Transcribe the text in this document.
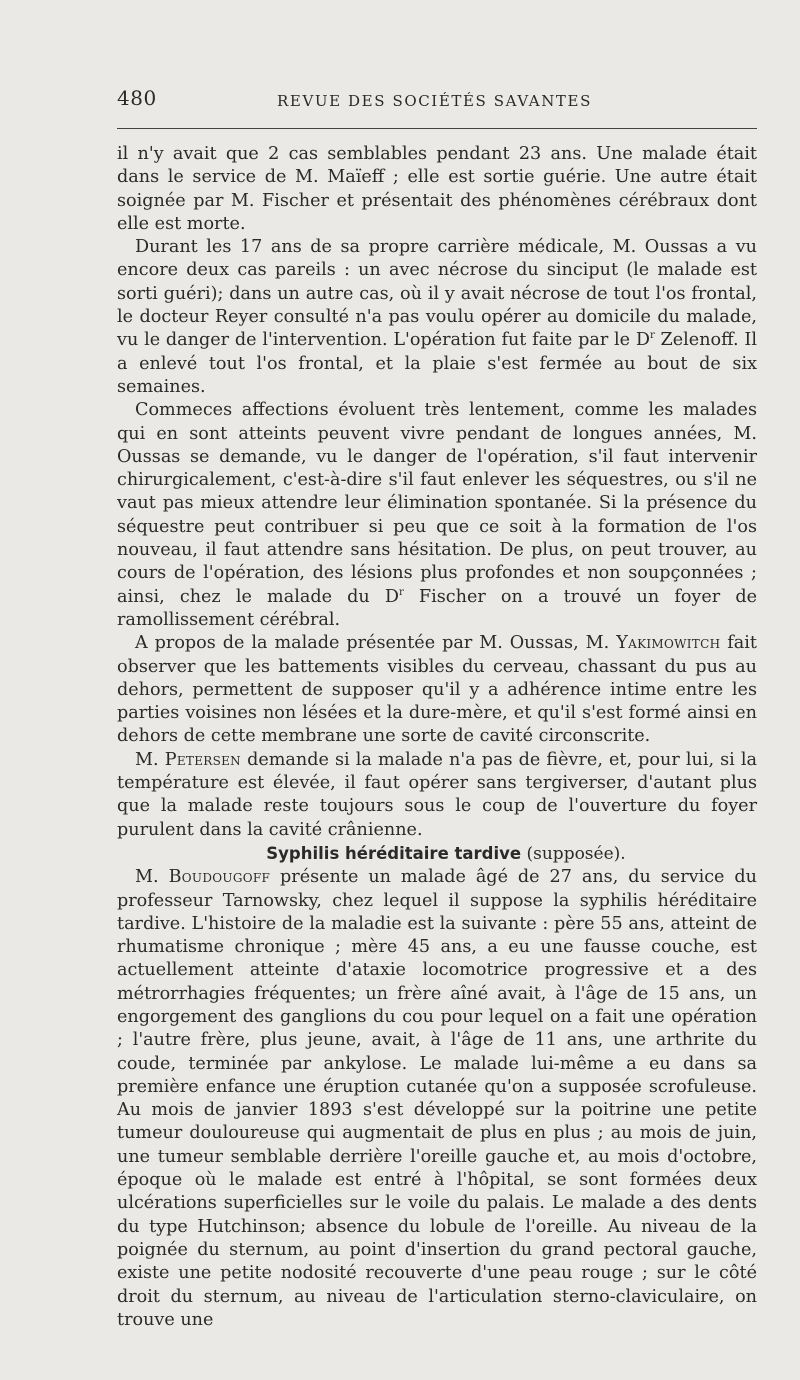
480	REVUE DES SOCIÉTÉS SAVANTES

il n'y avait que 2 cas semblables pendant 23 ans. Une malade était dans le service de M. Maïeff ; elle est sortie guérie. Une autre était soignée par M. Fischer et présentait des phénomènes cérébraux dont elle est morte.

Durant les 17 ans de sa propre carrière médicale, M. Oussas a vu encore deux cas pareils : un avec nécrose du sinciput (le malade est sorti guéri); dans un autre cas, où il y avait nécrose de tout l'os frontal, le docteur Reyer consulté n'a pas voulu opérer au domicile du malade, vu le danger de l'intervention. L'opération fut faite par le $D^r$ Zelenoff. Il a enlevé tout l'os frontal, et la plaie s'est fermée au bout de six semaines.

Commeces affections évoluent très lentement, comme les malades qui en sont atteints peuvent vivre pendant de longues années, M. Oussas se demande, vu le danger de l'opération, s'il faut intervenir chirurgicalement, c'est-à-dire s'il faut enlever les séquestres, ou s'il ne vaut pas mieux attendre leur élimination spontanée. Si la présence du séquestre peut contribuer si peu que ce soit à la formation de l'os nouveau, il faut attendre sans hésitation. De plus, on peut trouver, au cours de l'opération, des lésions plus profondes et non soupçonnées ; ainsi, chez le malade du $D^r$ Fischer on a trouvé un foyer de ramollissement cérébral.

A propos de la malade présentée par M. Oussas, M. Yakimowitch fait observer que les battements visibles du cerveau, chassant du pus au dehors, permettent de supposer qu'il y a adhérence intime entre les parties voisines non lésées et la dure-mère, et qu'il s'est formé ainsi en dehors de cette membrane une sorte de cavité circonscrite.

M. Petersen demande si la malade n'a pas de fièvre, et, pour lui, si la température est élevée, il faut opérer sans tergiverser, d'autant plus que la malade reste toujours sous le coup de l'ouverture du foyer purulent dans la cavité crânienne.

Syphilis héréditaire tardive (supposée).

M. Boudougoff présente un malade âgé de 27 ans, du service du professeur Tarnowsky, chez lequel il suppose la syphilis héréditaire tardive. L'histoire de la maladie est la suivante : père 55 ans, atteint de rhumatisme chronique ; mère 45 ans, a eu une fausse couche, est actuellement atteinte d'ataxie locomotrice progressive et a des métrorrhagies fréquentes; un frère aîné avait, à l'âge de 15 ans, un engorgement des ganglions du cou pour lequel on a fait une opération ; l'autre frère, plus jeune, avait, à l'âge de 11 ans, une arthrite du coude, terminée par ankylose. Le malade lui-même a eu dans sa première enfance une éruption cutanée qu'on a supposée scrofuleuse. Au mois de janvier 1893 s'est développé sur la poitrine une petite tumeur douloureuse qui augmentait de plus en plus ; au mois de juin, une tumeur semblable derrière l'oreille gauche et, au mois d'octobre, époque où le malade est entré à l'hôpital, se sont formées deux ulcérations superficielles sur le voile du palais. Le malade a des dents du type Hutchinson; absence du lobule de l'oreille. Au niveau de la poignée du sternum, au point d'insertion du grand pectoral gauche, existe une petite nodosité recouverte d'une peau rouge ; sur le côté droit du sternum, au niveau de l'articulation sterno-claviculaire, on trouve une
